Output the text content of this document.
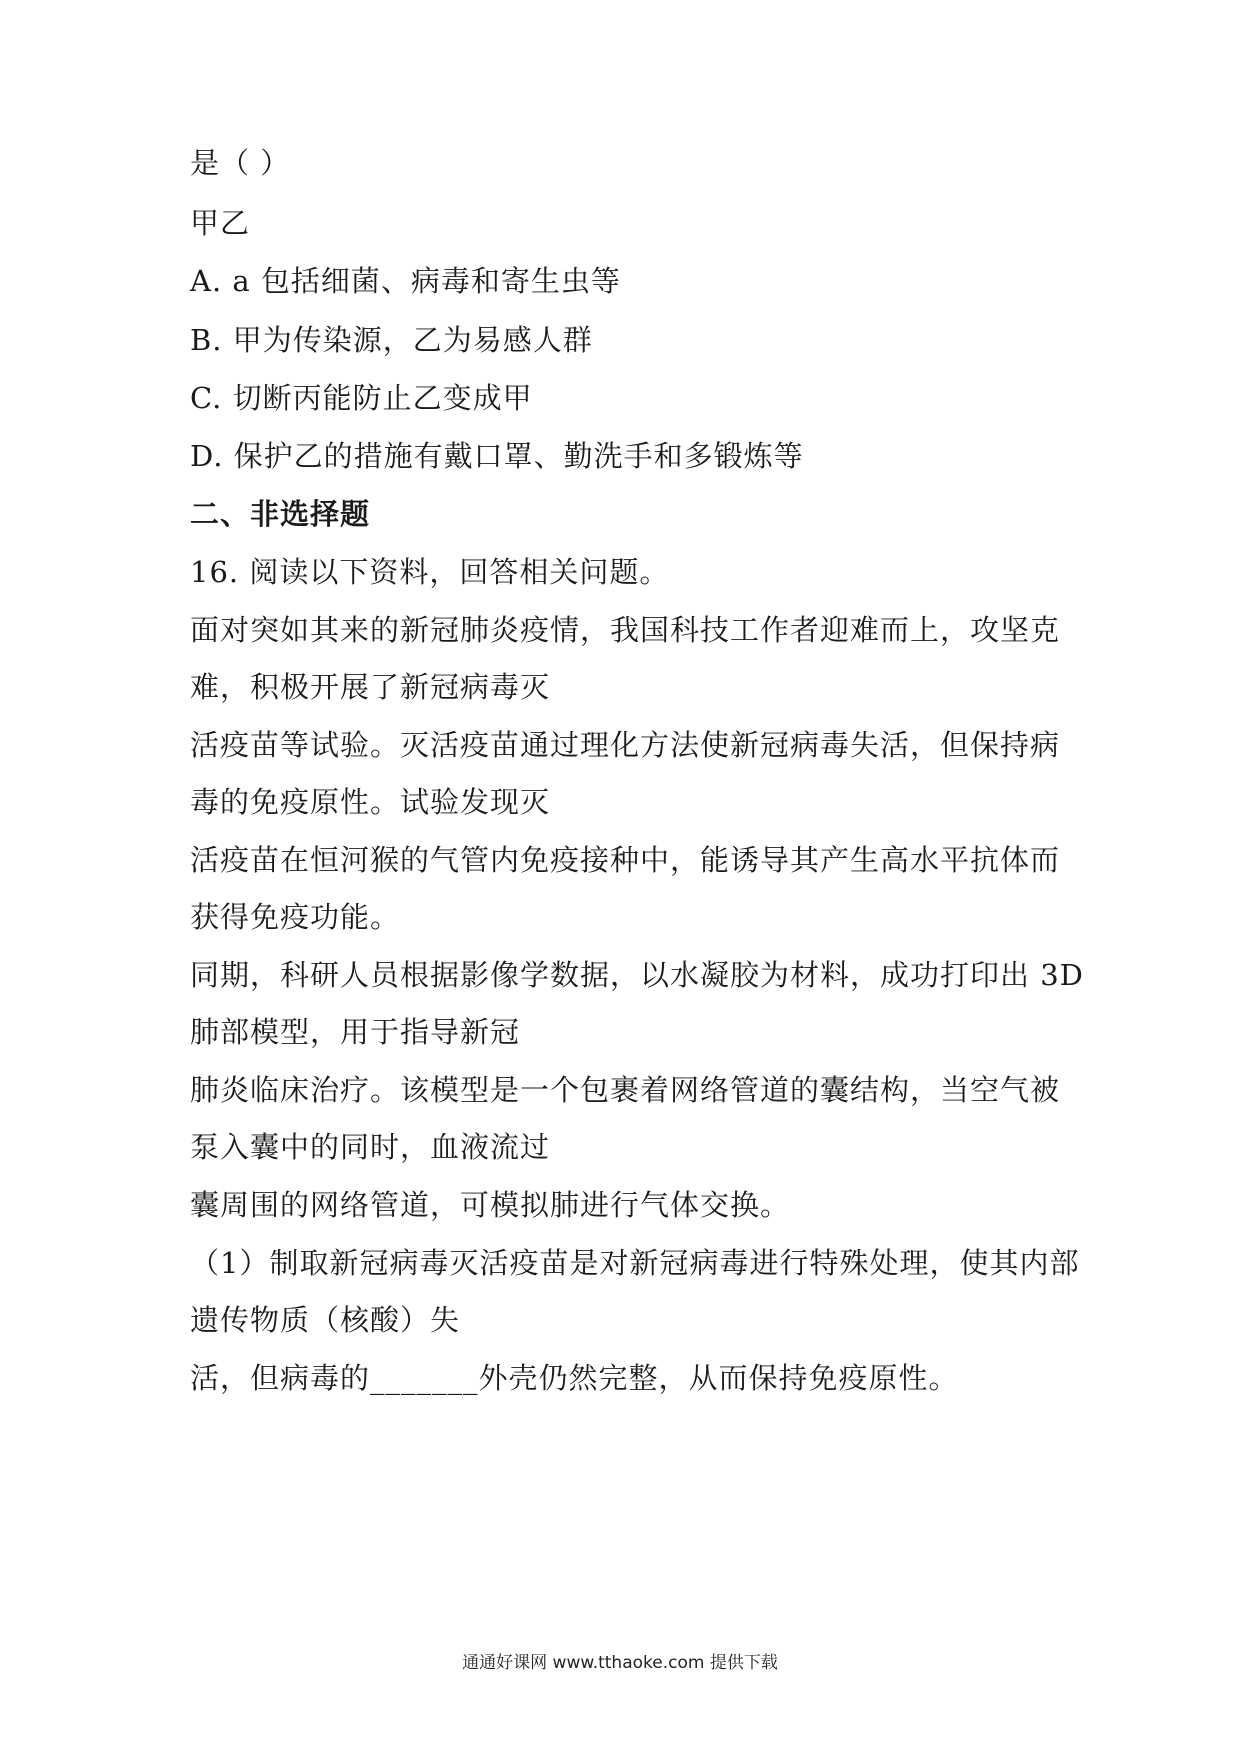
是（ ）
甲乙
A. a 包括细菌、病毒和寄生虫等
B. 甲为传染源，乙为易感人群
C. 切断丙能防止乙变成甲
D. 保护乙的措施有戴口罩、勤洗手和多锻炼等
二、非选择题
16. 阅读以下资料，回答相关问题。
面对突如其来的新冠肺炎疫情，我国科技工作者迎难而上，攻坚克
难，积极开展了新冠病毒灭
活疫苗等试验。灭活疫苗通过理化方法使新冠病毒失活，但保持病
毒的免疫原性。试验发现灭
活疫苗在恒河猴的气管内免疫接种中，能诱导其产生高水平抗体而
获得免疫功能。
同期，科研人员根据影像学数据，以水凝胶为材料，成功打印出 3D
肺部模型，用于指导新冠
肺炎临床治疗。该模型是一个包裹着网络管道的囊结构，当空气被
泵入囊中的同时，血液流过
囊周围的网络管道，可模拟肺进行气体交换。
（1）制取新冠病毒灭活疫苗是对新冠病毒进行特殊处理，使其内部
遗传物质（核酸）失
活，但病毒的_______外壳仍然完整，从而保持免疫原性。
通通好课网 www.tthaoke.com 提供下载
